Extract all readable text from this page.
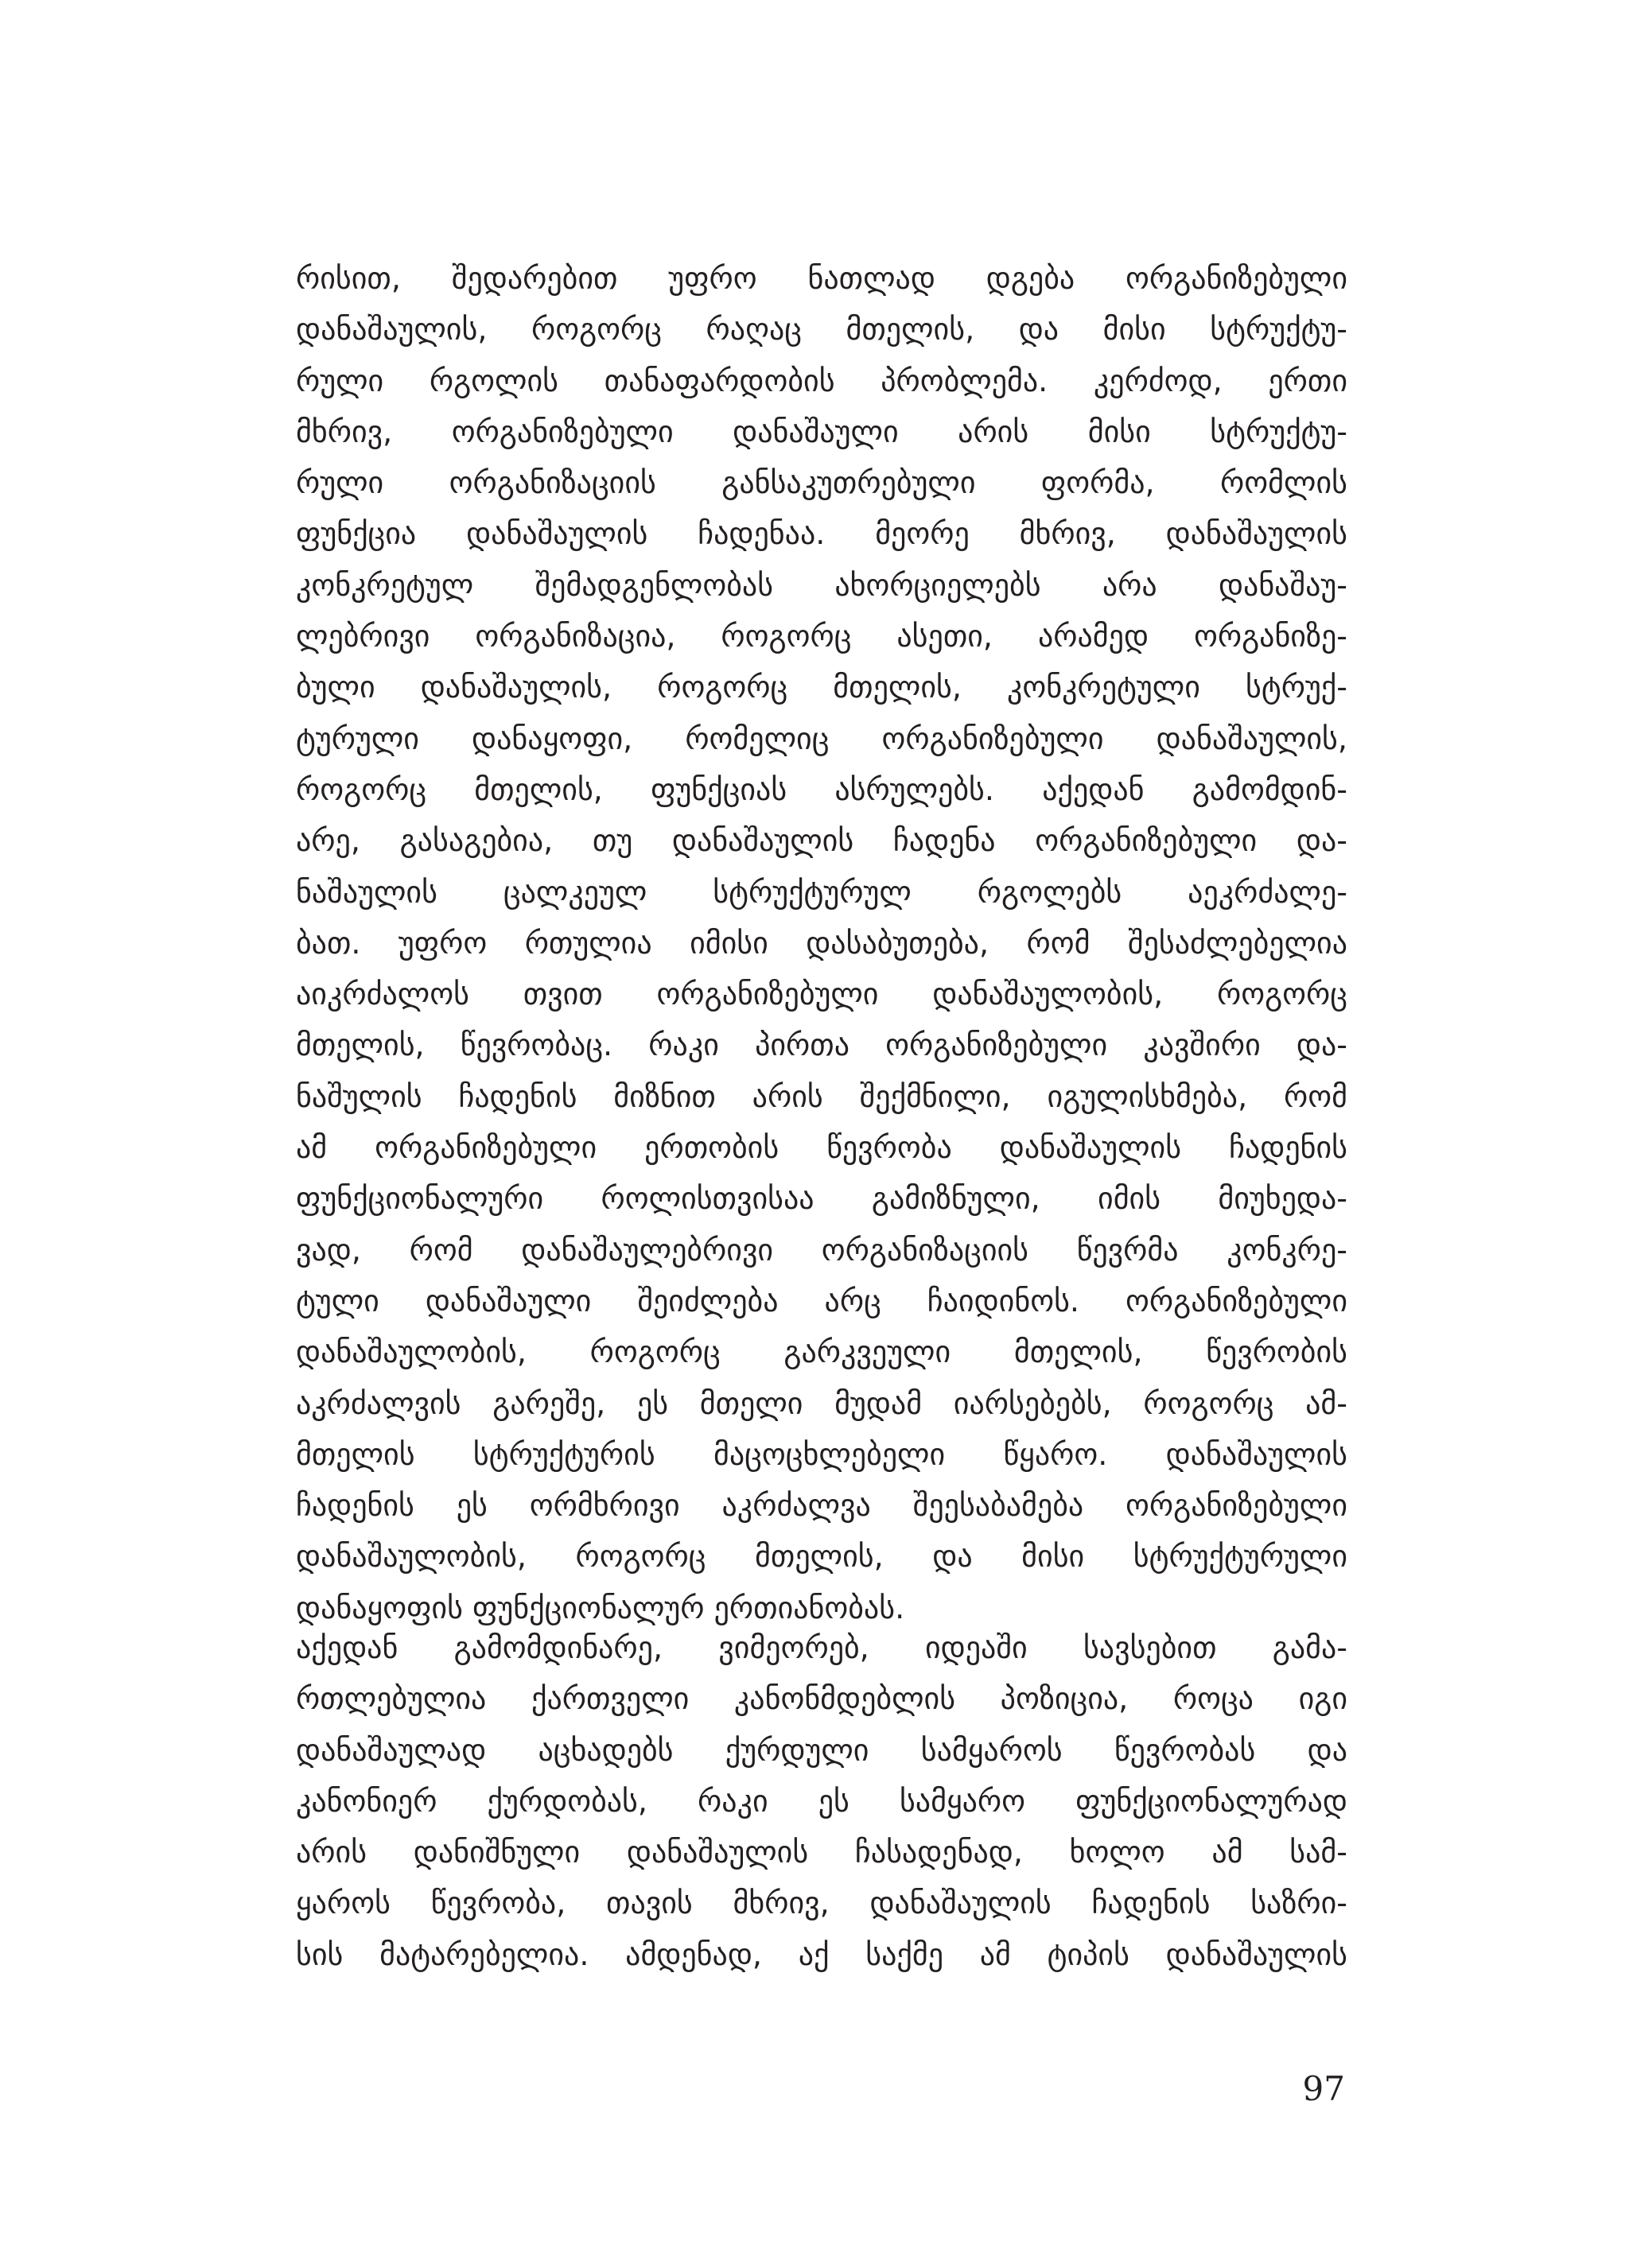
რისით, შედარებით უფრო ნათლად დგება ორგანიზებული
დანაშაულის, როგორც რაღაც მთელის, და მისი სტრუქტუ-
რული რგოლის თანაფარდობის პრობლემა. კერძოდ, ერთი
მხრივ, ორგანიზებული დანაშაული არის მისი სტრუქტუ-
რული ორგანიზაციის განსაკუთრებული ფორმა, რომლის
ფუნქცია დანაშაულის ჩადენაა. მეორე მხრივ, დანაშაულის
კონკრეტულ შემადგენლობას ახორციელებს არა დანაშაუ-
ლებრივი ორგანიზაცია, როგორც ასეთი, არამედ ორგანიზე-
ბული დანაშაულის, როგორც მთელის, კონკრეტული სტრუქ-
ტურული დანაყოფი, რომელიც ორგანიზებული დანაშაულის,
როგორც მთელის, ფუნქციას ასრულებს. აქედან გამომდინ-
არე, გასაგებია, თუ დანაშაულის ჩადენა ორგანიზებული და-
ნაშაულის ცალკეულ სტრუქტურულ რგოლებს აეკრძალე-
ბათ. უფრო რთულია იმისი დასაბუთება, რომ შესაძლებელია
აიკრძალოს თვით ორგანიზებული დანაშაულობის, როგორც
მთელის, წევრობაც. რაკი პირთა ორგანიზებული კავშირი და-
ნაშულის ჩადენის მიზნით არის შექმნილი, იგულისხმება, რომ
ამ ორგანიზებული ერთობის წევრობა დანაშაულის ჩადენის
ფუნქციონალური როლისთვისაა გამიზნული, იმის მიუხედა-
ვად, რომ დანაშაულებრივი ორგანიზაციის წევრმა კონკრე-
ტული დანაშაული შეიძლება არც ჩაიდინოს. ორგანიზებული
დანაშაულობის, როგორც გარკვეული მთელის, წევრობის
აკრძალვის გარეშე, ეს მთელი მუდამ იარსებებს, როგორც ამ-
მთელის სტრუქტურის მაცოცხლებელი წყარო. დანაშაულის
ჩადენის ეს ორმხრივი აკრძალვა შეესაბამება ორგანიზებული
დანაშაულობის, როგორც მთელის, და მისი სტრუქტურული
დანაყოფის ფუნქციონალურ ერთიანობას.
აქედან გამომდინარე, ვიმეორებ, იდეაში სავსებით გამა-
რთლებულია ქართველი კანონმდებლის პოზიცია, როცა იგი
დანაშაულად აცხადებს ქურდული სამყაროს წევრობას და
კანონიერ ქურდობას, რაკი ეს სამყარო ფუნქციონალურად
არის დანიშნული დანაშაულის ჩასადენად, ხოლო ამ სამ-
ყაროს წევრობა, თავის მხრივ, დანაშაულის ჩადენის საზრი-
სის მატარებელია. ამდენად, აქ საქმე ამ ტიპის დანაშაულის
97
